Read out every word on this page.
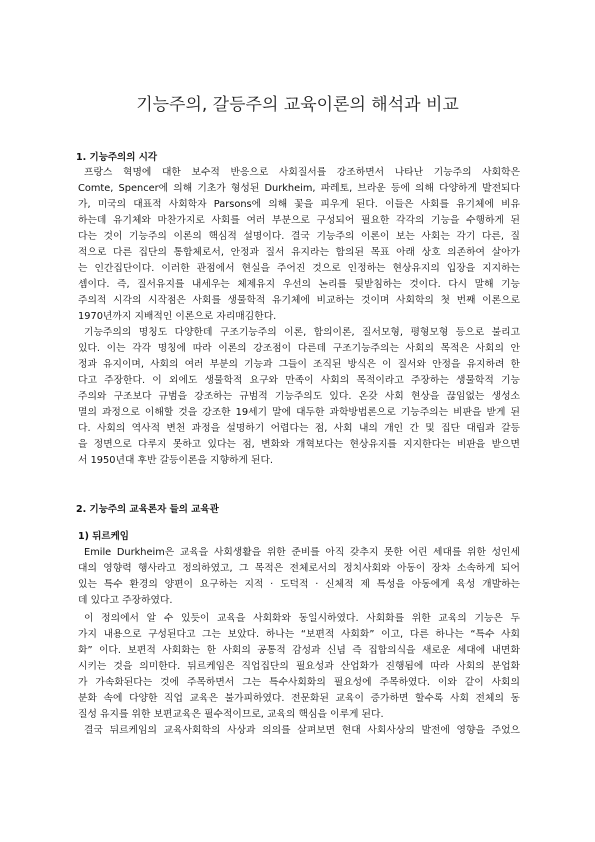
기능주의, 갈등주의 교육이론의 해석과 비교
1. 기능주의의 시각
프랑스 혁명에 대한 보수적 반응으로 사회질서를 강조하면서 나타난 기능주의 사회학은
Comte, Spencer에 의해 기초가 형성된 Durkheim, 파레토, 브라운 등에 의해 다양하게 발전되다
가, 미국의 대표적 사회학자 Parsons에 의해 꽃을 피우게 된다. 이들은 사회를 유기체에 비유
하는데 유기체와 마찬가지로 사회를 여러 부분으로 구성되어 필요한 각각의 기능을 수행하게 된
다는 것이 기능주의 이론의 핵심적 설명이다. 결국 기능주의 이론이 보는 사회는 각기 다른, 질
적으로 다른 집단의 통합체로서, 안정과 질서 유지라는 합의된 목표 아래 상호 의존하여 살아가
는 인간집단이다. 이러한 관점에서 현실을 주어진 것으로 인정하는 현상유지의 입장을 지지하는
셈이다. 즉, 질서유지를 내세우는 체제유지 우선의 논리를 뒷받침하는 것이다. 다시 말해 기능
주의적 시각의 시작점은 사회를 생물학적 유기체에 비교하는 것이며 사회학의 첫 번째 이론으로
1970년까지 지배적인 이론으로 자리매김한다.
기능주의의 명칭도 다양한데 구조기능주의 이론, 합의이론, 질서모형, 평형모형 등으로 불리고
있다. 이는 각각 명칭에 따라 이론의 강조점이 다른데 구조기능주의는 사회의 목적은 사회의 안
정과 유지이며, 사회의 여러 부분의 기능과 그들이 조직된 방식은 이 질서와 안정을 유지하려 한
다고 주장한다. 이 외에도 생물학적 요구와 만족이 사회의 목적이라고 주장하는 생물학적 기능
주의와 구조보다 규범을 강조하는 규범적 기능주의도 있다. 온갖 사회 현상을 끊임없는 생성소
멸의 과정으로 이해할 것을 강조한 19세기 말에 대두한 과학방법론으로 기능주의는 비판을 받게 된
다. 사회의 역사적 변천 과정을 설명하기 어렵다는 점, 사회 내의 개인 간 및 집단 대립과 갈등
을 정면으로 다루지 못하고 있다는 점, 변화와 개혁보다는 현상유지를 지지한다는 비판을 받으면
서 1950년대 후반 갈등이론을 지향하게 된다.
2. 기능주의 교육론자 들의 교육관
1) 뒤르케임
Emile Durkheim은 교육을 사회생활을 위한 준비를 아직 갖추지 못한 어린 세대를 위한 성인세
대의 영향력 행사라고 정의하였고, 그 목적은 전체로서의 정치사회와 아동이 장차 소속하게 되어
있는 특수 환경의 양편이 요구하는 지적 · 도덕적 · 신체적 제 특성을 아동에게 육성 개발하는
데 있다고 주장하였다.
이 정의에서 알 수 있듯이 교육을 사회화와 동일시하였다. 사회화를 위한 교육의 기능은 두
가지 내용으로 구성된다고 그는 보았다. 하나는 “보편적 사회화” 이고, 다른 하나는 “특수 사회
화” 이다. 보편적 사회화는 한 사회의 공통적 감성과 신념 즉 집합의식을 새로운 세대에 내면화
시키는 것을 의미한다. 뒤르케임은 직업집단의 필요성과 산업화가 진행됨에 따라 사회의 분업화
가 가속화된다는 것에 주목하면서 그는 특수사회화의 필요성에 주목하였다. 이와 같이 사회의
분화 속에 다양한 직업 교육은 불가피하였다. 전문화된 교육이 증가하면 할수록 사회 전체의 동
질성 유지를 위한 보편교육은 필수적이므로, 교육의 핵심을 이루게 된다.
결국 뒤르케임의 교육사회학의 사상과 의의를 살펴보면 현대 사회사상의 발전에 영향을 주었으
